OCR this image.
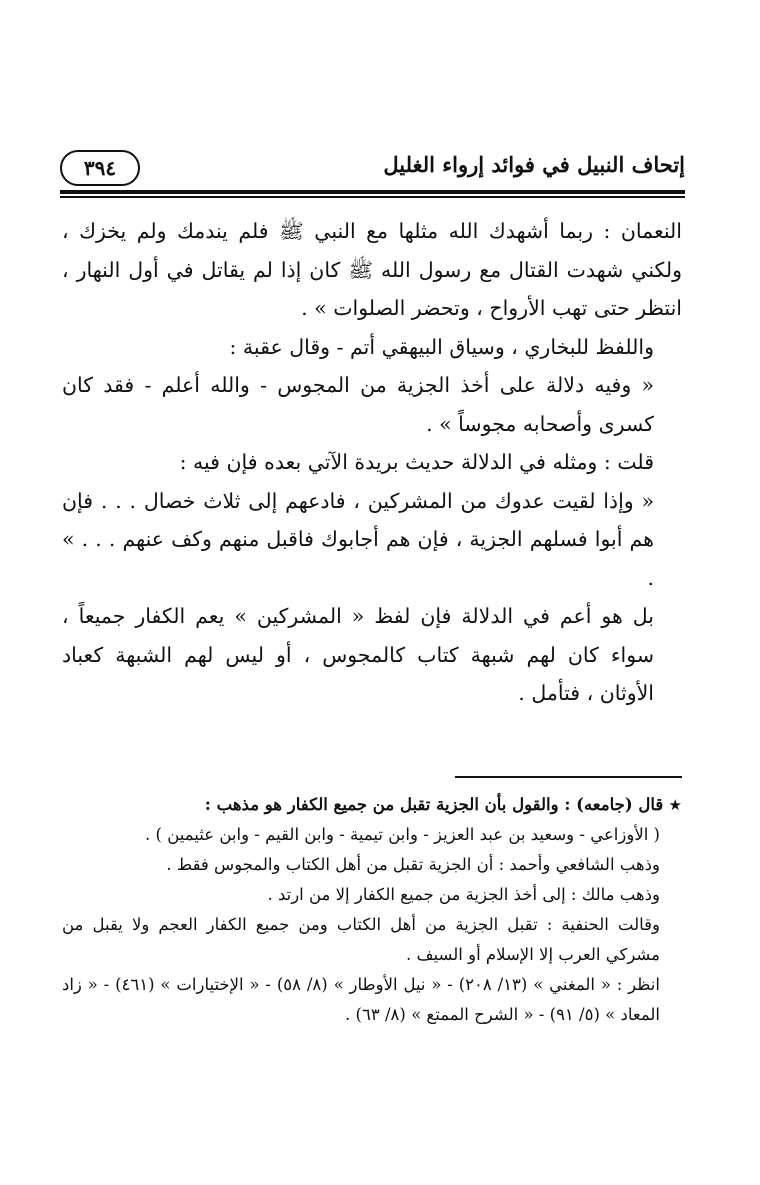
٣٩٤	إتحاف النبيل في فوائد إرواء الغليل

النعمان : ربما أشهدك الله مثلها مع النبي ﷺ فلم يندمك ولم يخزك ، ولكني شهدت القتال مع رسول الله ﷺ كان إذا لم يقاتل في أول النهار ، انتظر حتى تهب الأرواح ، وتحضر الصلوات » .

واللفظ للبخاري ، وسياق البيهقي أتم - وقال عقبة :

« وفيه دلالة على أخذ الجزية من المجوس - والله أعلم - فقد كان كسرى وأصحابه مجوساً » .

قلت : ومثله في الدلالة حديث بريدة الآتي بعده فإن فيه :

« وإذا لقيت عدوك من المشركين ، فادعهم إلى ثلاث خصال . . . فإن هم أبوا فسلهم الجزية ، فإن هم أجابوك فاقبل منهم وكف عنهم . . . » .

بل هو أعم في الدلالة فإن لفظ « المشركين » يعم الكفار جميعاً ، سواء كان لهم شبهة كتاب كالمجوس ، أو ليس لهم الشبهة كعباد الأوثان ، فتأمل .

★ قال (جامعه) : والقول بأن الجزية تقبل من جميع الكفار هو مذهب :

( الأوزاعي - وسعيد بن عبد العزيز - وابن تيمية - وابن القيم - وابن عثيمين ) .

وذهب الشافعي وأحمد : أن الجزية تقبل من أهل الكتاب والمجوس فقط .

وذهب مالك : إلى أخذ الجزية من جميع الكفار إلا من ارتد .

وقالت الحنفية : تقبل الجزية من أهل الكتاب ومن جميع الكفار العجم ولا يقبل من مشركي العرب إلا الإسلام أو السيف .

انظر : « المغني » (١٣/ ٢٠٨) - « نيل الأوطار » (٨/ ٥٨) - « الإختيارات » (٤٦١) - « زاد المعاد » (٥/ ٩١) - « الشرح الممتع » (٨/ ٦٣) .
